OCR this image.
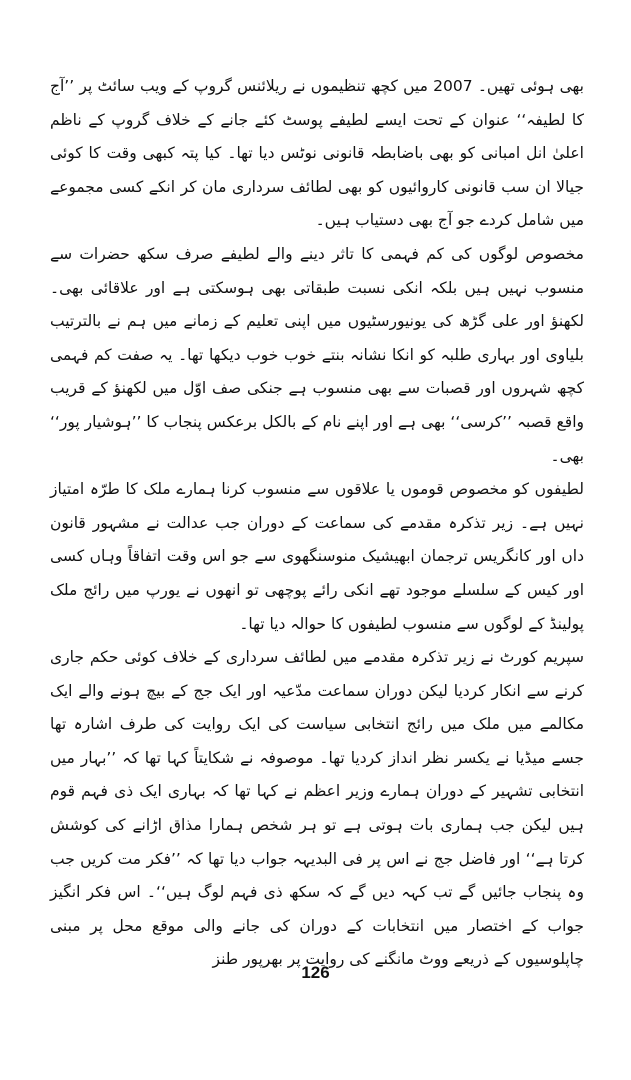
بھی ہوئی تھیں۔ 2007 میں کچھ تنظیموں نے ریلائنس گروپ کے ویب سائٹ پر ’’آج کا لطیفہ‘‘ عنوان کے تحت ایسے لطیفے پوسٹ کئے جانے کے خلاف گروپ کے ناظم اعلیٰ انل امبانی کو بھی باضابطہ قانونی نوٹس دیا تھا۔ کیا پتہ کبھی وقت کا کوئی جیالا ان سب قانونی کاروائیوں کو بھی لطائف سرداری مان کر انکے کسی مجموعے میں شامل کردے جو آج بھی دستیاب ہیں۔

مخصوص لوگوں کی کم فہمی کا تاثر دینے والے لطیفے صرف سکھ حضرات سے منسوب نہیں ہیں بلکہ انکی نسبت طبقاتی بھی ہوسکتی ہے اور علاقائی بھی۔ لکھنؤ اور علی گڑھ کی یونیورسٹیوں میں اپنی تعلیم کے زمانے میں ہم نے بالترتیب بلیاوی اور بہاری طلبہ کو انکا نشانہ بنتے خوب خوب دیکھا تھا۔ یہ صفت کم فہمی کچھ شہروں اور قصبات سے بھی منسوب ہے جنکی صف اوّل میں لکھنؤ کے قریب واقع قصبہ ’’کرسی‘‘ بھی ہے اور اپنے نام کے بالکل برعکس پنجاب کا ’’ہوشیار پور‘‘ بھی۔

لطیفوں کو مخصوص قوموں یا علاقوں سے منسوب کرنا ہمارے ملک کا طرّہ امتیاز نہیں ہے۔ زیر تذکرہ مقدمے کی سماعت کے دوران جب عدالت نے مشہور قانون داں اور کانگریس ترجمان ابھیشیک منوسنگھوی سے جو اس وقت اتفاقاً وہاں کسی اور کیس کے سلسلے موجود تھے انکی رائے پوچھی تو انھوں نے یورپ میں رائج ملک پولینڈ کے لوگوں سے منسوب لطیفوں کا حوالہ دیا تھا۔

سپریم کورٹ نے زیر تذکرہ مقدمے میں لطائف سرداری کے خلاف کوئی حکم جاری کرنے سے انکار کردیا لیکن دوران سماعت مدّعیہ اور ایک جج کے بیچ ہونے والے ایک مکالمے میں ملک میں رائج انتخابی سیاست کی ایک روایت کی طرف اشارہ تھا جسے میڈیا نے یکسر نظر انداز کردیا تھا۔ موصوفہ نے شکایتاً کہا تھا کہ ’’بہار میں انتخابی تشہیر کے دوران ہمارے وزیر اعظم نے کہا تھا کہ بہاری ایک ذی فہم قوم ہیں لیکن جب ہماری بات ہوتی ہے تو ہر شخص ہمارا مذاق اڑانے کی کوشش کرتا ہے‘‘ اور فاضل جج نے اس پر فی البدیہہ جواب دیا تھا کہ ’’فکر مت کریں جب وہ پنجاب جائیں گے تب کہہ دیں گے کہ سکھ ذی فہم لوگ ہیں‘‘۔ اس فکر انگیز جواب کے اختصار میں انتخابات کے دوران کی جانے والی موقع محل پر مبنی چاپلوسیوں کے ذریعے ووٹ مانگنے کی روایت پر بھرپور طنز

126
